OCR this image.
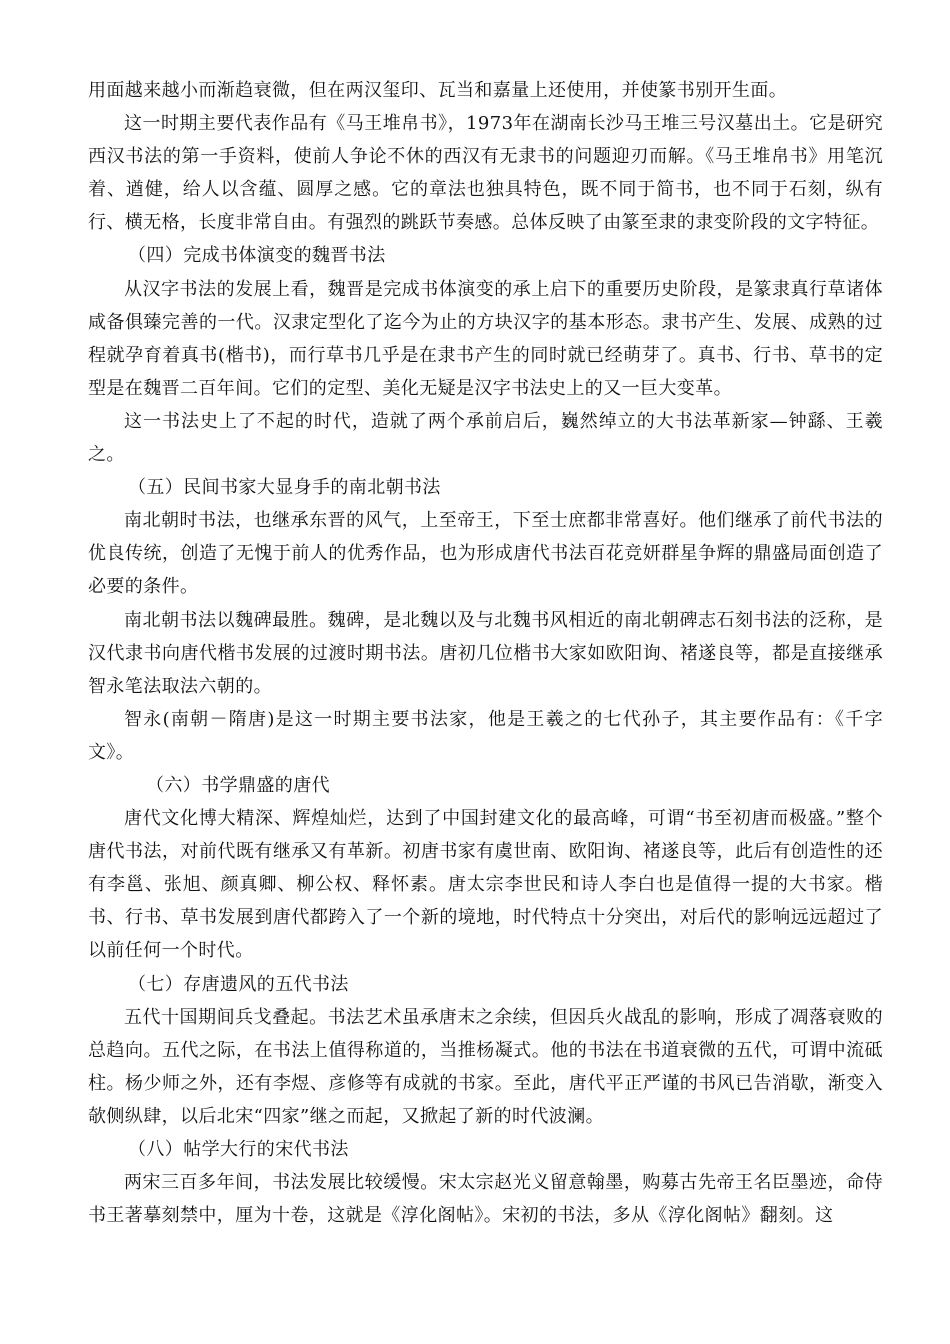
用面越来越小而渐趋衰微，但在两汉玺印、瓦当和嘉量上还使用，并使篆书别开生面。

这一时期主要代表作品有《马王堆帛书》，1973年在湖南长沙马王堆三号汉墓出土。它是研究西汉书法的第一手资料，使前人争论不休的西汉有无隶书的问题迎刃而解。《马王堆帛书》用笔沉着、遒健，给人以含蕴、圆厚之感。它的章法也独具特色，既不同于简书，也不同于石刻，纵有行、横无格，长度非常自由。有强烈的跳跃节奏感。总体反映了由篆至隶的隶变阶段的文字特征。

（四）完成书体演变的魏晋书法

从汉字书法的发展上看，魏晋是完成书体演变的承上启下的重要历史阶段，是篆隶真行草诸体咸备俱臻完善的一代。汉隶定型化了迄今为止的方块汉字的基本形态。隶书产生、发展、成熟的过程就孕育着真书(楷书)，而行草书几乎是在隶书产生的同时就已经萌芽了。真书、行书、草书的定型是在魏晋二百年间。它们的定型、美化无疑是汉字书法史上的又一巨大变革。

这一书法史上了不起的时代，造就了两个承前启后，巍然绰立的大书法革新家—钟繇、王羲之。

（五）民间书家大显身手的南北朝书法

南北朝时书法，也继承东晋的风气，上至帝王，下至士庶都非常喜好。他们继承了前代书法的优良传统，创造了无愧于前人的优秀作品，也为形成唐代书法百花竞妍群星争辉的鼎盛局面创造了必要的条件。

南北朝书法以魏碑最胜。魏碑，是北魏以及与北魏书风相近的南北朝碑志石刻书法的泛称，是汉代隶书向唐代楷书发展的过渡时期书法。唐初几位楷书大家如欧阳询、褚遂良等，都是直接继承智永笔法取法六朝的。

智永(南朝－隋唐)是这一时期主要书法家，他是王羲之的七代孙子，其主要作品有：《千字文》。

（六）书学鼎盛的唐代

唐代文化博大精深、辉煌灿烂，达到了中国封建文化的最高峰，可谓“书至初唐而极盛。”整个唐代书法，对前代既有继承又有革新。初唐书家有虞世南、欧阳询、褚遂良等，此后有创造性的还有李邕、张旭、颜真卿、柳公权、释怀素。唐太宗李世民和诗人李白也是值得一提的大书家。楷书、行书、草书发展到唐代都跨入了一个新的境地，时代特点十分突出，对后代的影响远远超过了以前任何一个时代。

（七）存唐遗风的五代书法

五代十国期间兵戈叠起。书法艺术虽承唐末之余续，但因兵火战乱的影响，形成了凋落衰败的总趋向。五代之际，在书法上值得称道的，当推杨凝式。他的书法在书道衰微的五代，可谓中流砥柱。杨少师之外，还有李煜、彦修等有成就的书家。至此，唐代平正严谨的书风已告消歇，渐变入欹侧纵肆，以后北宋“四家”继之而起，又掀起了新的时代波澜。

（八）帖学大行的宋代书法

两宋三百多年间，书法发展比较缓慢。宋太宗赵光义留意翰墨，购募古先帝王名臣墨迹，命侍书王著摹刻禁中，厘为十卷，这就是《淳化阁帖》。宋初的书法，多从《淳化阁帖》翻刻。这
